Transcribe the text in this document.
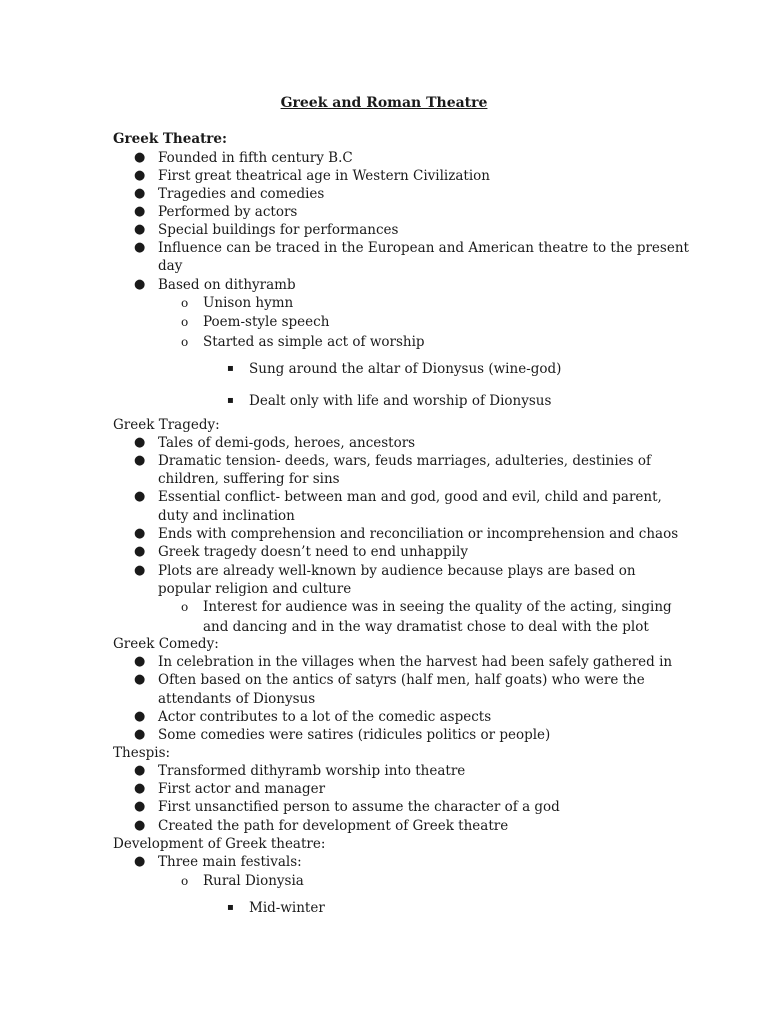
Greek and Roman Theatre
Greek Theatre:
● Founded in fifth century B.C
● First great theatrical age in Western Civilization
● Tragedies and comedies
● Performed by actors
● Special buildings for performances
● Influence can be traced in the European and American theatre to the present
day
● Based on dithyramb
o Unison hymn
o Poem-style speech
o Started as simple act of worship
▪ Sung around the altar of Dionysus (wine-god)
▪ Dealt only with life and worship of Dionysus
Greek Tragedy:
● Tales of demi-gods, heroes, ancestors
● Dramatic tension- deeds, wars, feuds marriages, adulteries, destinies of
children, suffering for sins
● Essential conflict- between man and god, good and evil, child and parent,
duty and inclination
● Ends with comprehension and reconciliation or incomprehension and chaos
● Greek tragedy doesn’t need to end unhappily
● Plots are already well-known by audience because plays are based on
popular religion and culture
o Interest for audience was in seeing the quality of the acting, singing
and dancing and in the way dramatist chose to deal with the plot
Greek Comedy:
● In celebration in the villages when the harvest had been safely gathered in
● Often based on the antics of satyrs (half men, half goats) who were the
attendants of Dionysus
● Actor contributes to a lot of the comedic aspects
● Some comedies were satires (ridicules politics or people)
Thespis:
● Transformed dithyramb worship into theatre
● First actor and manager
● First unsanctified person to assume the character of a god
● Created the path for development of Greek theatre
Development of Greek theatre:
● Three main festivals:
o Rural Dionysia
▪ Mid-winter
